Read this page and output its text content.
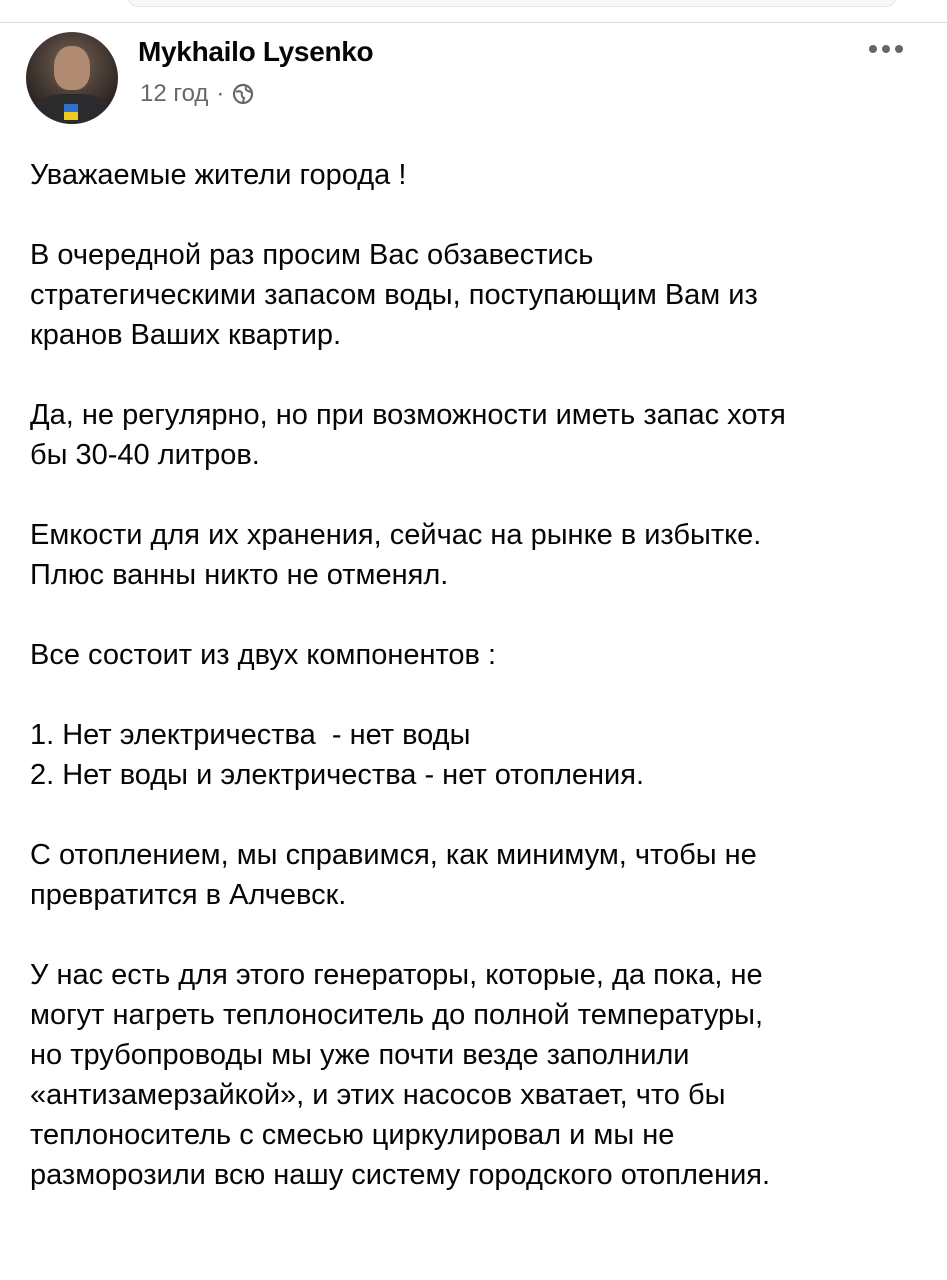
Mykhailo Lysenko
12 год ·

Уважаемые жители города !

В очередной раз просим Вас обзавестись
стратегическими запасом воды, поступающим Вам из
кранов Ваших квартир.

Да, не регулярно, но при возможности иметь запас хотя
бы 30-40 литров.

Емкости для их хранения, сейчас на рынке в избытке.
Плюс ванны никто не отменял.

Все состоит из двух компонентов :

1. Нет электричества  - нет воды
2. Нет воды и электричества - нет отопления.

С отоплением, мы справимся, как минимум, чтобы не
превратится в Алчевск.

У нас есть для этого генераторы, которые, да пока, не
могут нагреть теплоноситель до полной температуры,
но трубопроводы мы уже почти везде заполнили
«антизамерзайкой», и этих насосов хватает, что бы
теплоноситель с смесью циркулировал и мы не
разморозили всю нашу систему городского отопления.
